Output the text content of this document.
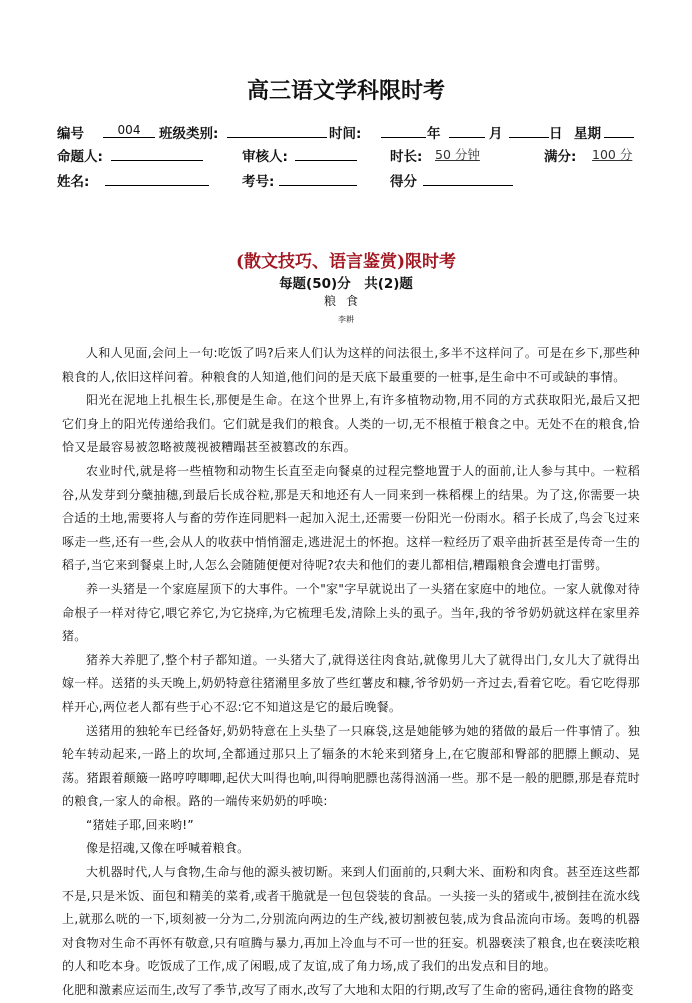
高三语文学科限时考
编号	004	班级类别:	时间:	年	月	日 星期
命题人:	审核人:	时长: 50 分钟	满分: 100 分
姓名:	考号:	得分
(散文技巧、语言鉴赏)限时考
每题(50)分　共(2)题
粮食
李耕

人和人见面,会问上一句:吃饭了吗?后来人们认为这样的问法很土,多半不这样问了。可是在乡下,那些种粮食的人,依旧这样问着。种粮食的人知道,他们问的是天底下最重要的一桩事,是生命中不可或缺的事情。

阳光在泥地上扎根生长,那便是生命。在这个世界上,有许多植物动物,用不同的方式获取阳光,最后又把它们身上的阳光传递给我们。它们就是我们的粮食。人类的一切,无不根植于粮食之中。无处不在的粮食,恰恰又是最容易被忽略被蔑视被糟蹋甚至被篡改的东西。

农业时代,就是将一些植物和动物生长直至走向餐桌的过程完整地置于人的面前,让人参与其中。一粒稻谷,从发芽到分蘖抽穗,到最后长成谷粒,那是天和地还有人一同来到一株稻棵上的结果。为了这,你需要一块合适的土地,需要将人与畜的劳作连同肥料一起加入泥土,还需要一份阳光一份雨水。稻子长成了,鸟会飞过来啄走一些,还有一些,会从人的收获中悄悄溜走,逃进泥土的怀抱。这样一粒经历了艰辛曲折甚至是传奇一生的稻子,当它来到餐桌上时,人怎么会随随便便对待呢?农夫和他们的妻儿都相信,糟蹋粮食会遭电打雷劈。

养一头猪是一个家庭屋顶下的大事件。一个"家"字早就说出了一头猪在家庭中的地位。一家人就像对待命根子一样对待它,喂它养它,为它挠痒,为它梳理毛发,清除上头的虱子。当年,我的爷爷奶奶就这样在家里养猪。

猪养大养肥了,整个村子都知道。一头猪大了,就得送往肉食站,就像男儿大了就得出门,女儿大了就得出嫁一样。送猪的头天晚上,奶奶特意往猪潲里多放了些红薯皮和糠,爷爷奶奶一齐过去,看着它吃。看它吃得那样开心,两位老人都有些于心不忍:它不知道这是它的最后晚餐。

送猪用的独轮车已经备好,奶奶特意在上头垫了一只麻袋,这是她能够为她的猪做的最后一件事情了。独轮车转动起来,一路上的坎坷,全都通过那只上了辐条的木轮来到猪身上,在它腹部和臀部的肥膘上颤动、晃荡。猪跟着颠簸一路哼哼唧唧,起伏大叫得也响,叫得响肥膘也荡得汹涌一些。那不是一般的肥膘,那是春荒时的粮食,一家人的命根。路的一端传来奶奶的呼唤:

“猪娃子耶,回来哟!”

像是招魂,又像在呼喊着粮食。

大机器时代,人与食物,生命与他的源头被切断。来到人们面前的,只剩大米、面粉和肉食。甚至连这些都不是,只是米饭、面包和精美的菜肴,或者干脆就是一包包袋装的食品。一头接一头的猪或牛,被倒挂在流水线上,就那么咣的一下,顷刻被一分为二,分别流向两边的生产线,被切割被包装,成为食品流向市场。轰鸣的机器对食物对生命不再怀有敬意,只有喧腾与暴力,再加上冷血与不可一世的狂妄。机器亵渎了粮食,也在亵渎吃粮的人和吃本身。吃饭成了工作,成了闲暇,成了友谊,成了角力场,成了我们的出发点和目的地。

化肥和激素应运而生,改写了季节,改写了雨水,改写了大地和太阳的行期,改写了生命的密码,通往食物的路变
